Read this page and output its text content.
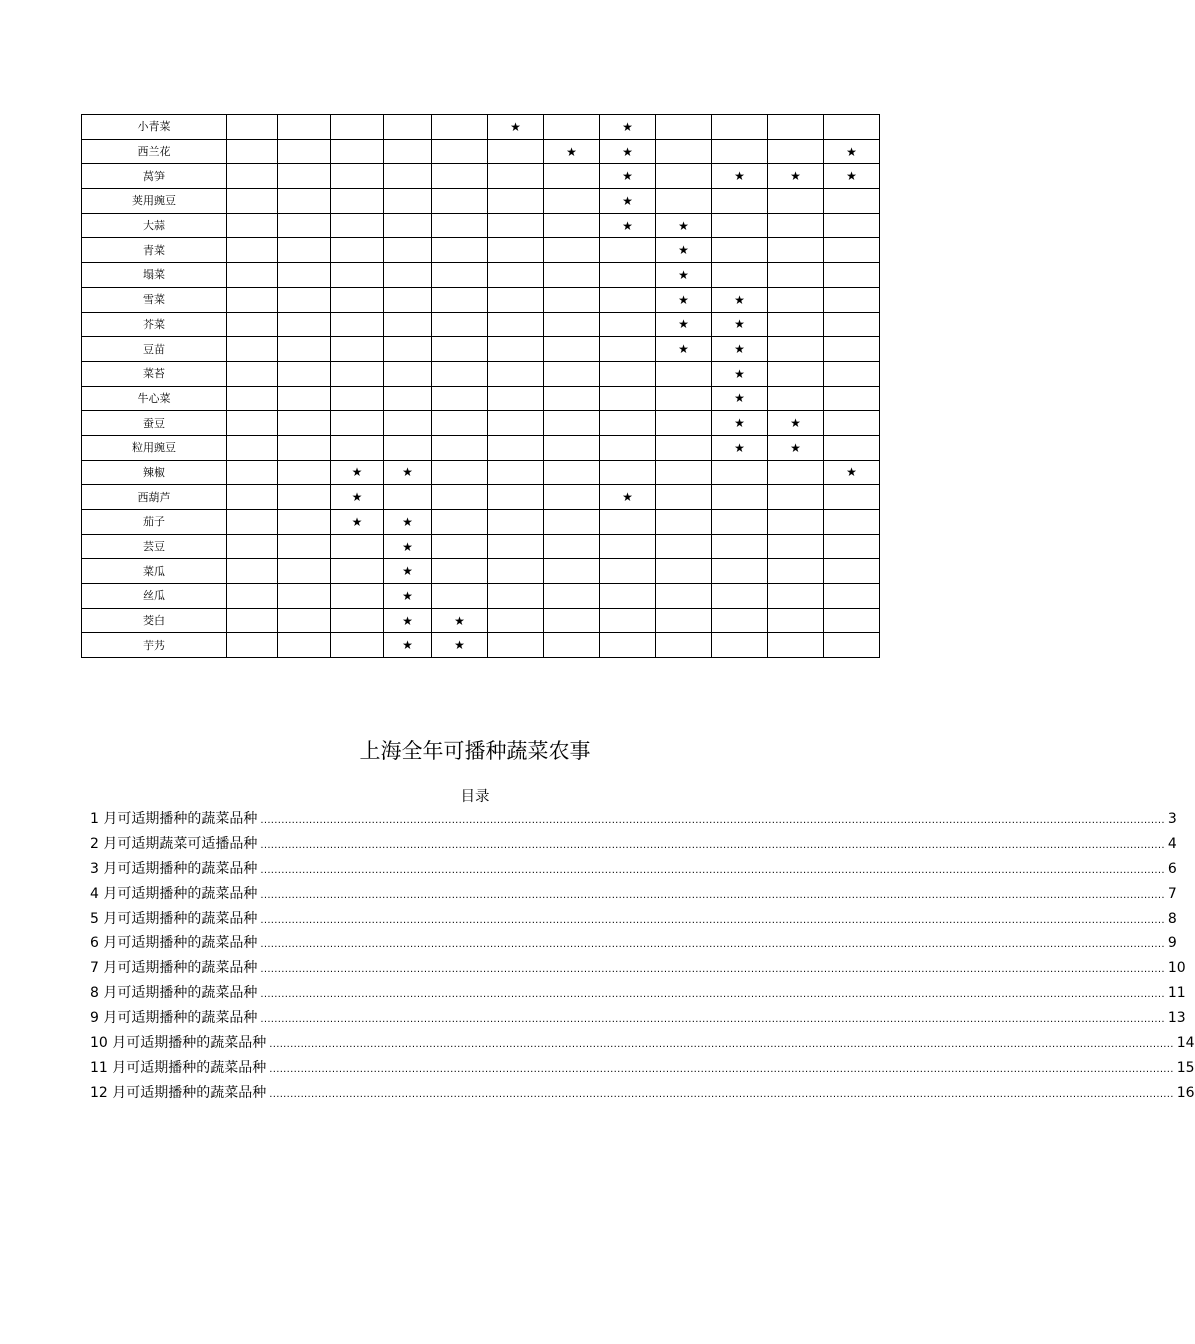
小青菜						★		★				
西兰花							★	★				★
莴笋								★		★	★	★
荚用豌豆								★				
大蒜								★	★			
青菜									★			
塌菜									★			
雪菜									★	★		
芥菜									★	★		
豆苗									★	★		
菜苔										★		
牛心菜										★		
蚕豆										★	★	
粒用豌豆										★	★	
辣椒			★	★								★
西葫芦			★					★				
茄子			★	★								
芸豆				★								
菜瓜				★								
丝瓜				★								
茭白				★	★							
芋艿				★	★							
上海全年可播种蔬菜农事
目录
1 月可适期播种的蔬菜品种 .................................................................................................................................................................................................................................................................... 3
2 月可适期蔬菜可适播品种 .................................................................................................................................................................................................................................................................... 4
3 月可适期播种的蔬菜品种 .................................................................................................................................................................................................................................................................... 6
4 月可适期播种的蔬菜品种 .................................................................................................................................................................................................................................................................... 7
5 月可适期播种的蔬菜品种 .................................................................................................................................................................................................................................................................... 8
6 月可适期播种的蔬菜品种 .................................................................................................................................................................................................................................................................... 9
7 月可适期播种的蔬菜品种 .................................................................................................................................................................................................................................................................... 10
8 月可适期播种的蔬菜品种 .................................................................................................................................................................................................................................................................... 11
9 月可适期播种的蔬菜品种 .................................................................................................................................................................................................................................................................... 13
10 月可适期播种的蔬菜品种 .................................................................................................................................................................................................................................................................... 14
11 月可适期播种的蔬菜品种 .................................................................................................................................................................................................................................................................... 15
12 月可适期播种的蔬菜品种 .................................................................................................................................................................................................................................................................... 16
